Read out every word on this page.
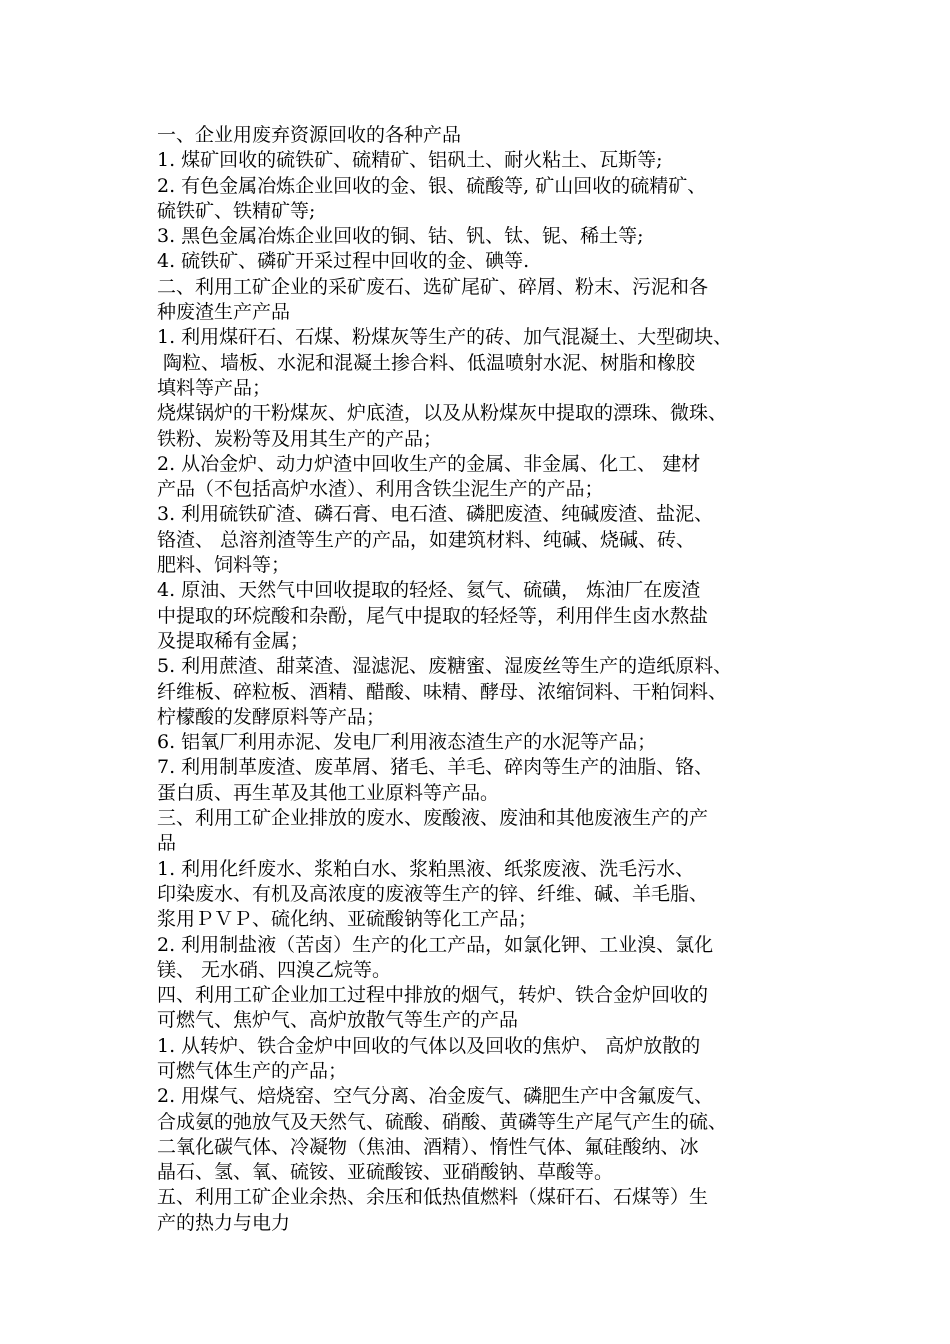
一、企业用废弃资源回收的各种产品
1. 煤矿回收的硫铁矿、硫精矿、铝矾土、耐火粘土、瓦斯等;
2. 有色金属冶炼企业回收的金、银、硫酸等, 矿山回收的硫精矿、
硫铁矿、铁精矿等;
3. 黑色金属冶炼企业回收的铜、钴、钒、钛、铌、稀土等;
4. 硫铁矿、磷矿开采过程中回收的金、碘等.
二、利用工矿企业的采矿废石、选矿尾矿、碎屑、粉末、污泥和各
种废渣生产产品
1. 利用煤矸石、石煤、粉煤灰等生产的砖、加气混凝土、大型砌块、
陶粒、墙板、水泥和混凝土掺合料、低温喷射水泥、树脂和橡胶
填料等产品；
烧煤锅炉的干粉煤灰、炉底渣，以及从粉煤灰中提取的漂珠、微珠、
铁粉、炭粉等及用其生产的产品；
2. 从冶金炉、动力炉渣中回收生产的金属、非金属、化工、 建材
产品（不包括高炉水渣）、利用含铁尘泥生产的产品；
3. 利用硫铁矿渣、磷石膏、电石渣、磷肥废渣、纯碱废渣、盐泥、
铬渣、 总溶剂渣等生产的产品，如建筑材料、纯碱、烧碱、砖、
肥料、饲料等；
4. 原油、天然气中回收提取的轻烃、氦气、硫磺， 炼油厂在废渣
中提取的环烷酸和杂酚，尾气中提取的轻烃等，利用伴生卤水熬盐
及提取稀有金属；
5. 利用蔗渣、甜菜渣、湿滤泥、废糖蜜、湿废丝等生产的造纸原料、
纤维板、碎粒板、酒精、醋酸、味精、酵母、浓缩饲料、干粕饲料、
柠檬酸的发酵原料等产品；
6. 铝氧厂利用赤泥、发电厂利用液态渣生产的水泥等产品；
7. 利用制革废渣、废革屑、猪毛、羊毛、碎肉等生产的油脂、铬、
蛋白质、再生革及其他工业原料等产品。
三、利用工矿企业排放的废水、废酸液、废油和其他废液生产的产
品
1. 利用化纤废水、浆粕白水、浆粕黑液、纸浆废液、洗毛污水、
印染废水、有机及高浓度的废液等生产的锌、纤维、碱、羊毛脂、
浆用ＰＶＰ、硫化纳、亚硫酸钠等化工产品；
2. 利用制盐液（苦卤）生产的化工产品，如氯化钾、工业溴、氯化
镁、 无水硝、四溴乙烷等。
四、利用工矿企业加工过程中排放的烟气，转炉、铁合金炉回收的
可燃气、焦炉气、高炉放散气等生产的产品
1. 从转炉、铁合金炉中回收的气体以及回收的焦炉、 高炉放散的
可燃气体生产的产品；
2. 用煤气、焙烧窑、空气分离、冶金废气、磷肥生产中含氟废气、
合成氨的弛放气及天然气、硫酸、硝酸、黄磷等生产尾气产生的硫、
二氧化碳气体、冷凝物（焦油、酒精）、惰性气体、氟硅酸纳、冰
晶石、氢、氧、硫铵、亚硫酸铵、亚硝酸钠、草酸等。
五、利用工矿企业余热、余压和低热值燃料（煤矸石、石煤等）生
产的热力与电力
